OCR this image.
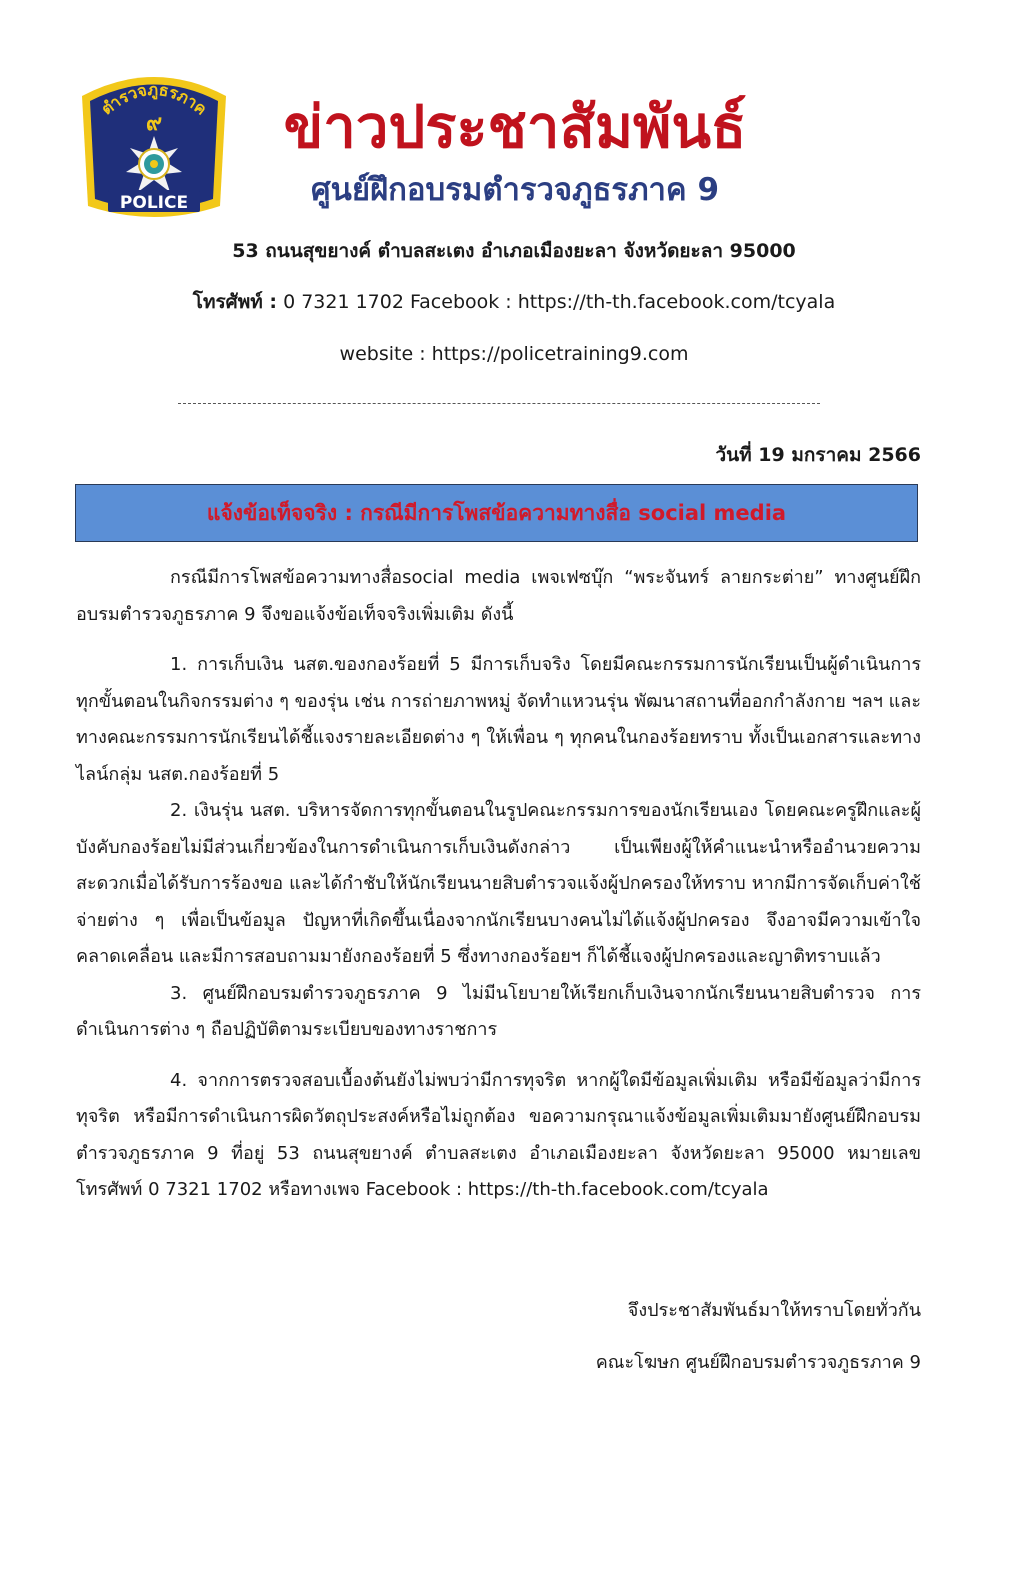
ตำรวจภูธรภาค
๙
POLICE
ข่าวประชาสัมพันธ์
ศูนย์ฝึกอบรมตำรวจภูธรภาค 9
53 ถนนสุขยางค์ ตำบลสะเตง อำเภอเมืองยะลา จังหวัดยะลา 95000
โทรศัพท์ : 0 7321 1702 Facebook : https://th-th.facebook.com/tcyala
website : https://policetraining9.com
วันที่ 19 มกราคม 2566
แจ้งข้อเท็จจริง : กรณีมีการโพสข้อความทางสื่อ social media

กรณีมีการโพสข้อความทางสื่อsocial media เพจเฟซบุ๊ก “พระจันทร์ ลายกระต่าย” ทางศูนย์ฝึกอบรมตำรวจภูธรภาค 9 จึงขอแจ้งข้อเท็จจริงเพิ่มเติม ดังนี้

1. การเก็บเงิน นสต.ของกองร้อยที่ 5 มีการเก็บจริง โดยมีคณะกรรมการนักเรียนเป็นผู้ดำเนินการทุกขั้นตอนในกิจกรรมต่าง ๆ ของรุ่น เช่น การถ่ายภาพหมู่ จัดทำแหวนรุ่น พัฒนาสถานที่ออกกำลังกาย ฯลฯ และทางคณะกรรมการนักเรียนได้ชี้แจงรายละเอียดต่าง ๆ ให้เพื่อน ๆ ทุกคนในกองร้อยทราบ ทั้งเป็นเอกสารและทางไลน์กลุ่ม นสต.กองร้อยที่ 5

2. เงินรุ่น นสต. บริหารจัดการทุกขั้นตอนในรูปคณะกรรมการของนักเรียนเอง โดยคณะครูฝึกและผู้บังคับกองร้อยไม่มีส่วนเกี่ยวข้องในการดำเนินการเก็บเงินดังกล่าว เป็นเพียงผู้ให้คำแนะนำหรืออำนวยความสะดวกเมื่อได้รับการร้องขอ และได้กำชับให้นักเรียนนายสิบตำรวจแจ้งผู้ปกครองให้ทราบ หากมีการจัดเก็บค่าใช้จ่ายต่าง ๆ เพื่อเป็นข้อมูล ปัญหาที่เกิดขึ้นเนื่องจากนักเรียนบางคนไม่ได้แจ้งผู้ปกครอง จึงอาจมีความเข้าใจคลาดเคลื่อน และมีการสอบถามมายังกองร้อยที่ 5 ซึ่งทางกองร้อยฯ ก็ได้ชี้แจงผู้ปกครองและญาติทราบแล้ว

3. ศูนย์ฝึกอบรมตำรวจภูธรภาค 9 ไม่มีนโยบายให้เรียกเก็บเงินจากนักเรียนนายสิบตำรวจ การดำเนินการต่าง ๆ ถือปฏิบัติตามระเบียบของทางราชการ

4. จากการตรวจสอบเบื้องต้นยังไม่พบว่ามีการทุจริต หากผู้ใดมีข้อมูลเพิ่มเติม หรือมีข้อมูลว่ามีการทุจริต หรือมีการดำเนินการผิดวัตถุประสงค์หรือไม่ถูกต้อง ขอความกรุณาแจ้งข้อมูลเพิ่มเติมมายังศูนย์ฝึกอบรมตำรวจภูธรภาค 9 ที่อยู่ 53 ถนนสุขยางค์ ตำบลสะเตง อำเภอเมืองยะลา จังหวัดยะลา 95000 หมายเลขโทรศัพท์ 0 7321 1702 หรือทางเพจ Facebook : https://th-th.facebook.com/tcyala

จึงประชาสัมพันธ์มาให้ทราบโดยทั่วกัน
คณะโฆษก ศูนย์ฝึกอบรมตำรวจภูธรภาค 9
